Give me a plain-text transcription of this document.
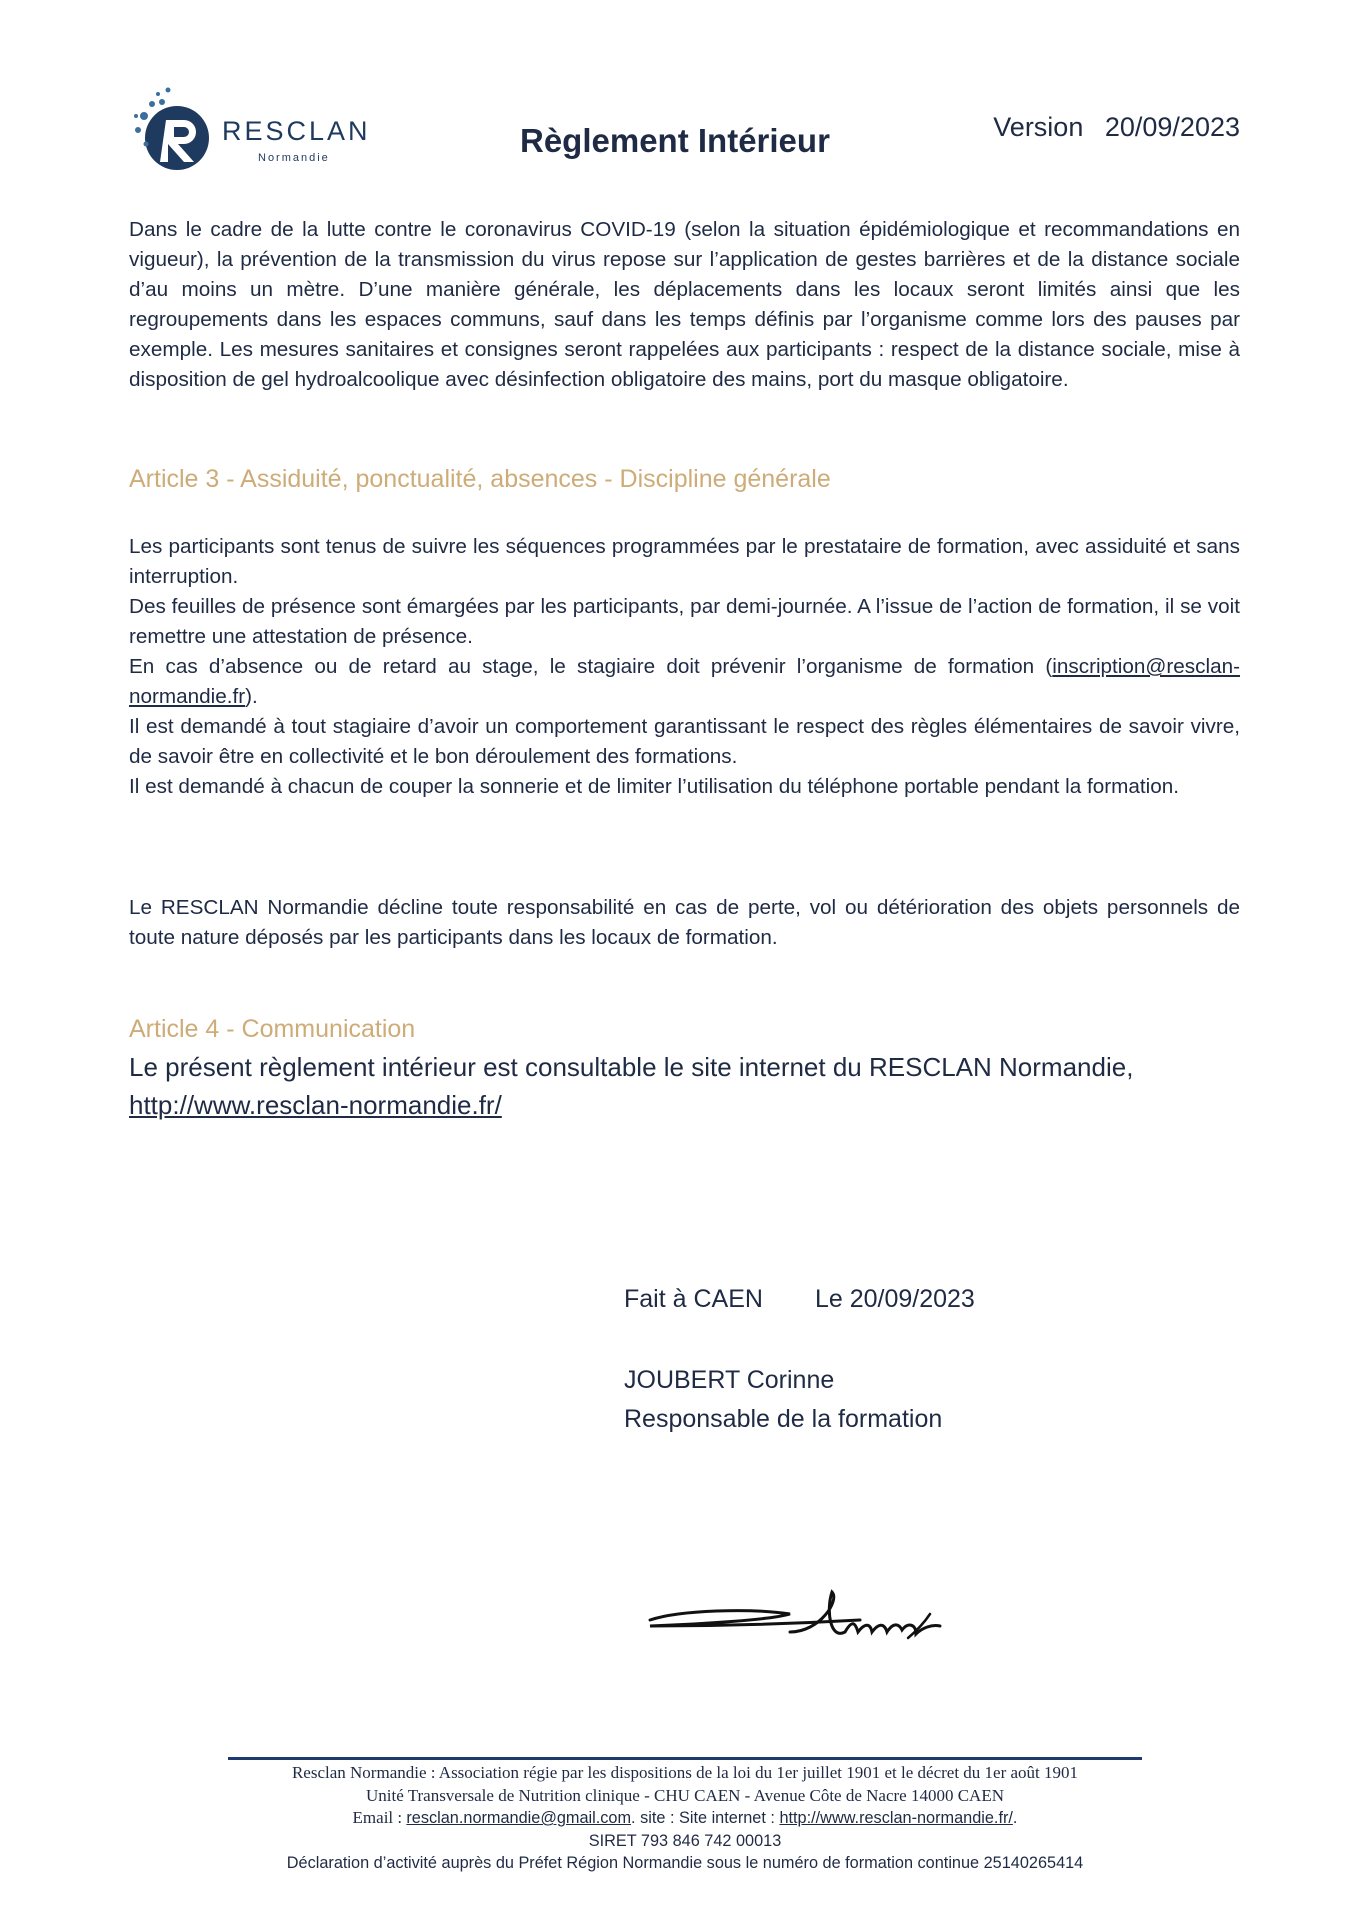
RESCLAN
Normandie	Règlement Intérieur	Version 20/09/2023

Dans le cadre de la lutte contre le coronavirus COVID-19 (selon la situation épidémiologique et recommandations en vigueur), la prévention de la transmission du virus repose sur l’application de gestes barrières et de la distance sociale d’au moins un mètre. D’une manière générale, les déplacements dans les locaux seront limités ainsi que les regroupements dans les espaces communs, sauf dans les temps définis par l’organisme comme lors des pauses par exemple. Les mesures sanitaires et consignes seront rappelées aux participants : respect de la distance sociale, mise à disposition de gel hydroalcoolique avec désinfection obligatoire des mains, port du masque obligatoire.

Article 3 - Assiduité, ponctualité, absences - Discipline générale

Les participants sont tenus de suivre les séquences programmées par le prestataire de formation, avec assiduité et sans interruption.

Des feuilles de présence sont émargées par les participants, par demi-journée. A l’issue de l’action de formation, il se voit remettre une attestation de présence.

En cas d’absence ou de retard au stage, le stagiaire doit prévenir l’organisme de formation (inscription@resclan-normandie.fr).

Il est demandé à tout stagiaire d’avoir un comportement garantissant le respect des règles élémentaires de savoir vivre, de savoir être en collectivité et le bon déroulement des formations.

Il est demandé à chacun de couper la sonnerie et de limiter l’utilisation du téléphone portable pendant la formation.

Le RESCLAN Normandie décline toute responsabilité en cas de perte, vol ou détérioration des objets personnels de toute nature déposés par les participants dans les locaux de formation.

Article 4 - Communication

Le présent règlement intérieur est consultable le site internet du RESCLAN Normandie,
http://www.resclan-normandie.fr/

Fait à CAEN Le 20/09/2023
JOUBERT Corinne
Responsable de la formation
Resclan Normandie : Association régie par les dispositions de la loi du 1er juillet 1901 et le décret du 1er août 1901
Unité Transversale de Nutrition clinique - CHU CAEN - Avenue Côte de Nacre 14000 CAEN
Email : resclan.normandie@gmail.com. site : Site internet : http://www.resclan-normandie.fr/.
SIRET 793 846 742 00013
Déclaration d’activité auprès du Préfet Région Normandie sous le numéro de formation continue 25140265414
